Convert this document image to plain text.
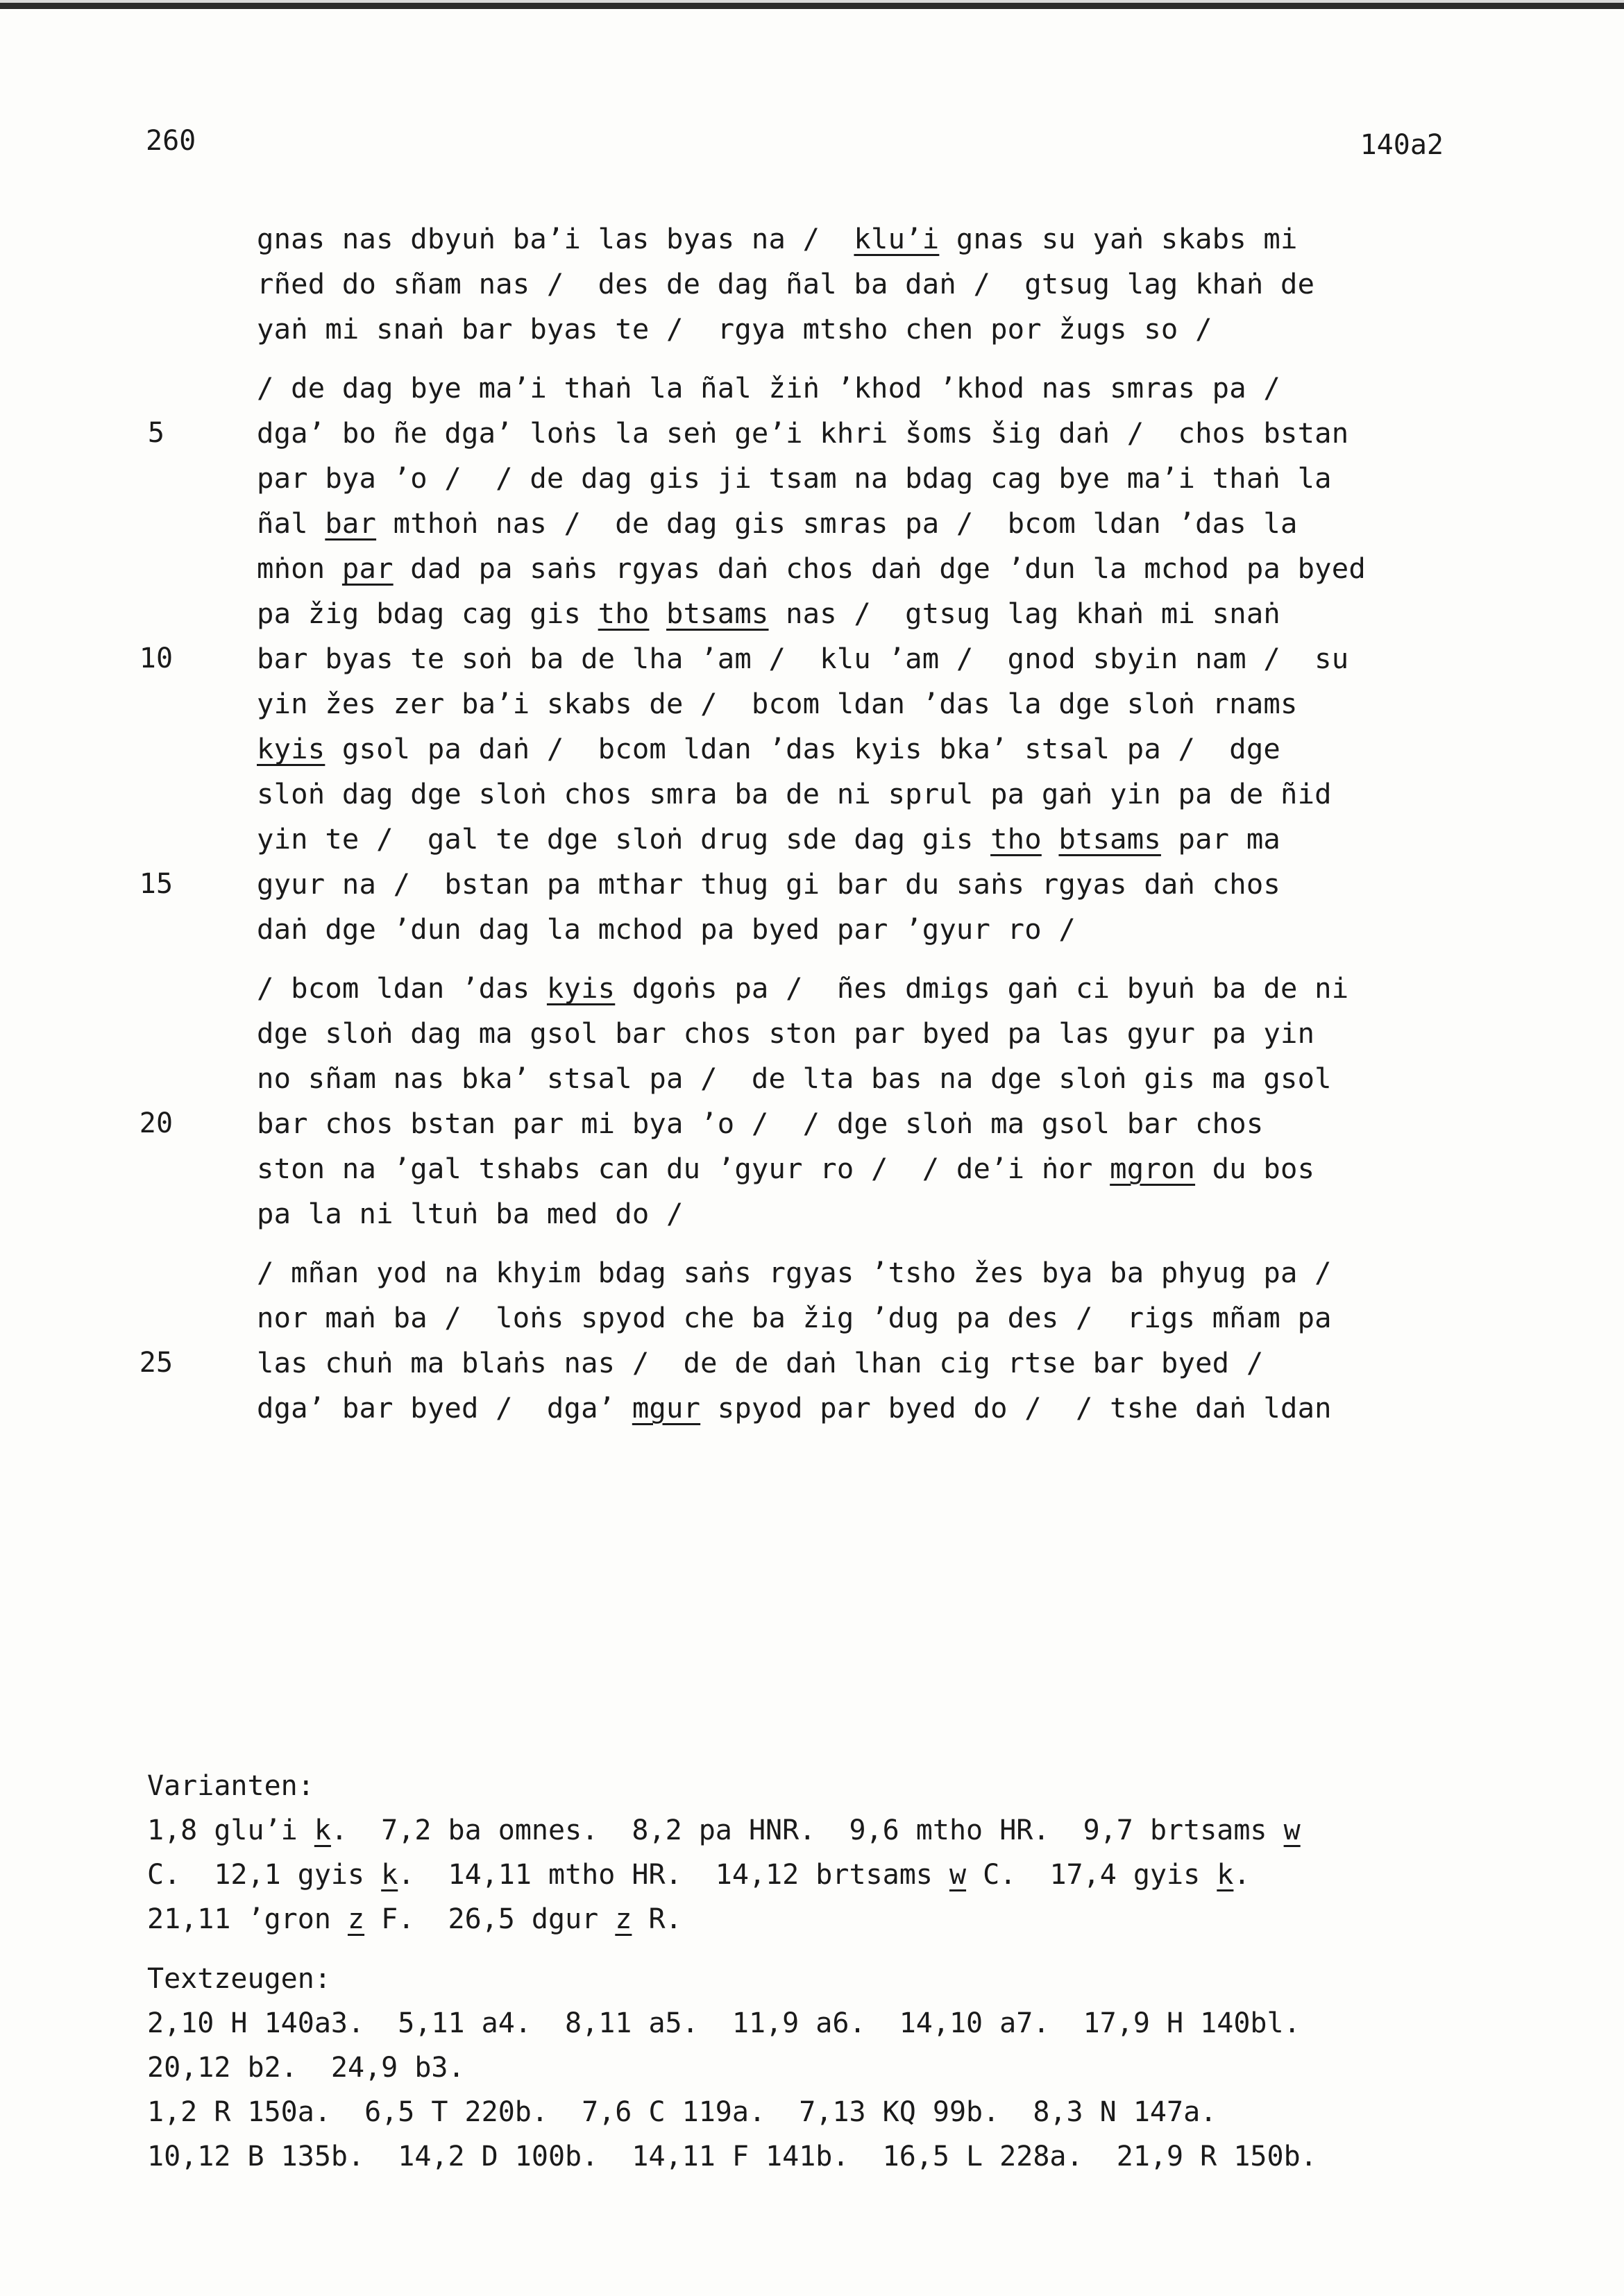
260	140a2
gnas nas dbyuṅ ba’i las byas na /  klu’i gnas su yaṅ skabs mi
rñed do sñam nas /  des de dag ñal ba daṅ /  gtsug lag khaṅ de
yaṅ mi snaṅ bar byas te /  rgya mtsho chen por žugs so /
/ de dag bye ma’i thaṅ la ñal žiṅ ’khod ’khod nas smras pa /
5	dga’ bo ñe dga’ loṅs la seṅ ge’i khri šoms šig daṅ /  chos bstan
par bya ’o /  / de dag gis ji tsam na bdag cag bye ma’i thaṅ la
ñal bar mthoṅ nas /  de dag gis smras pa /  bcom ldan ’das la
mṅon par dad pa saṅs rgyas daṅ chos daṅ dge ’dun la mchod pa byed
pa žig bdag cag gis tho btsams nas /  gtsug lag khaṅ mi snaṅ
10	bar byas te soṅ ba de lha ’am /  klu ’am /  gnod sbyin nam /  su
yin žes zer ba’i skabs de /  bcom ldan ’das la dge sloṅ rnams
kyis gsol pa daṅ /  bcom ldan ’das kyis bka’ stsal pa /  dge
sloṅ dag dge sloṅ chos smra ba de ni sprul pa gaṅ yin pa de ñid
yin te /  gal te dge sloṅ drug sde dag gis tho btsams par ma
15	gyur na /  bstan pa mthar thug gi bar du saṅs rgyas daṅ chos
daṅ dge ’dun dag la mchod pa byed par ’gyur ro /
/ bcom ldan ’das kyis dgoṅs pa /  ñes dmigs gaṅ ci byuṅ ba de ni
dge sloṅ dag ma gsol bar chos ston par byed pa las gyur pa yin
no sñam nas bka’ stsal pa /  de lta bas na dge sloṅ gis ma gsol
20	bar chos bstan par mi bya ’o /  / dge sloṅ ma gsol bar chos
ston na ’gal tshabs can du ’gyur ro /  / de’i ṅor mgron du bos
pa la ni ltuṅ ba med do /
/ mñan yod na khyim bdag saṅs rgyas ’tsho žes bya ba phyug pa /
nor maṅ ba /  loṅs spyod che ba žig ’dug pa des /  rigs mñam pa
25	las chuṅ ma blaṅs nas /  de de daṅ lhan cig rtse bar byed /
dga’ bar byed /  dga’ mgur spyod par byed do /  / tshe daṅ ldan
Varianten:
1,8 glu’i k.  7,2 ba omnes.  8,2 pa HNR.  9,6 mtho HR.  9,7 brtsams w
C.  12,1 gyis k.  14,11 mtho HR.  14,12 brtsams w C.  17,4 gyis k.
21,11 ’gron z F.  26,5 dgur z R.
Textzeugen:
2,10 H 140a3.  5,11 a4.  8,11 a5.  11,9 a6.  14,10 a7.  17,9 H 140bl.
20,12 b2.  24,9 b3.
1,2 R 150a.  6,5 T 220b.  7,6 C 119a.  7,13 KQ 99b.  8,3 N 147a.
10,12 B 135b.  14,2 D 100b.  14,11 F 141b.  16,5 L 228a.  21,9 R 150b.
